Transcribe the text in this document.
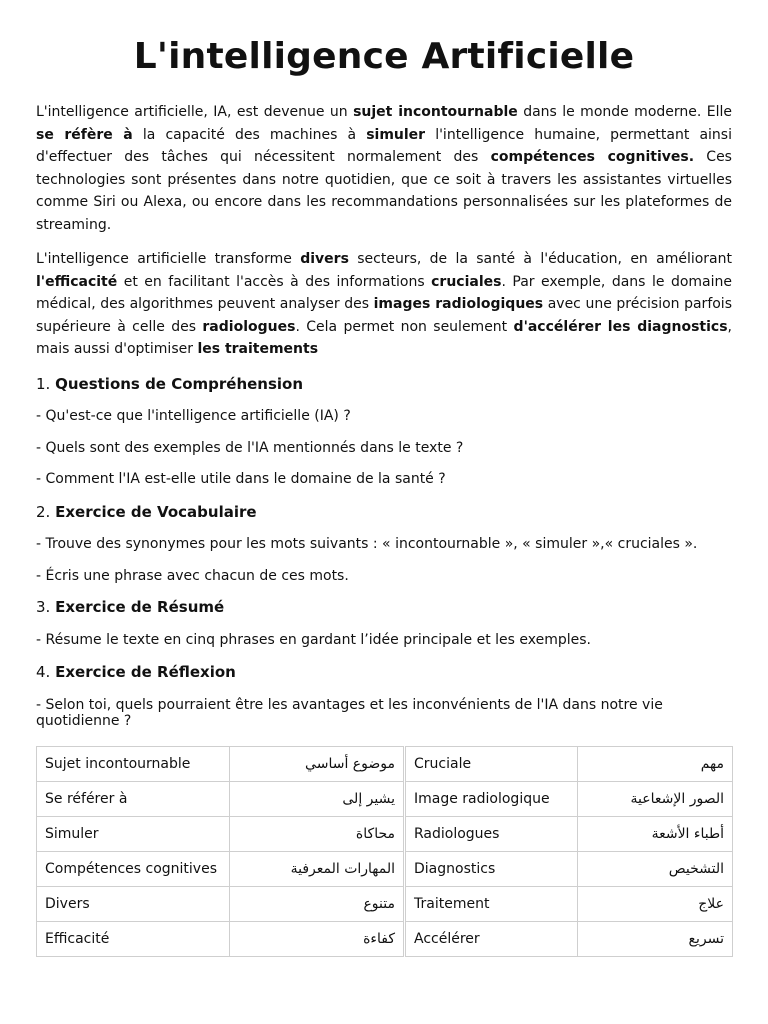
L'intelligence Artificielle

L'intelligence artificielle, IA, est devenue un sujet incontournable dans le monde moderne. Elle se réfère à la capacité des machines à simuler l'intelligence humaine, permettant ainsi d'effectuer des tâches qui nécessitent normalement des compétences cognitives. Ces technologies sont présentes dans notre quotidien, que ce soit à travers les assistantes virtuelles comme Siri ou Alexa, ou encore dans les recommandations personnalisées sur les plateformes de streaming.

L'intelligence artificielle transforme divers secteurs, de la santé à l'éducation, en améliorant l'efficacité et en facilitant l'accès à des informations cruciales. Par exemple, dans le domaine médical, des algorithmes peuvent analyser des images radiologiques avec une précision parfois supérieure à celle des radiologues. Cela permet non seulement d'accélérer les diagnostics, mais aussi d'optimiser les traitements

1. Questions de Compréhension
- Qu'est-ce que l'intelligence artificielle (IA) ?
- Quels sont des exemples de l'IA mentionnés dans le texte ?
- Comment l'IA est-elle utile dans le domaine de la santé ?
2. Exercice de Vocabulaire
- Trouve des synonymes pour les mots suivants : « incontournable », « simuler »,« cruciales ».
- Écris une phrase avec chacun de ces mots.
3. Exercice de Résumé
- Résume le texte en cinq phrases en gardant l’idée principale et les exemples.
4. Exercice de Réflexion
- Selon toi, quels pourraient être les avantages et les inconvénients de l'IA dans notre vie quotidienne ?
Sujet incontournable	موضوع أساسي	Cruciale	مهم
Se référer à	يشير إلى	Image radiologique	الصور الإشعاعية
Simuler	محاكاة	Radiologues	أطباء الأشعة
Compétences cognitives	المهارات المعرفية	Diagnostics	التشخيص
Divers	متنوع	Traitement	علاج
Efficacité	كفاءة	Accélérer	تسريع
